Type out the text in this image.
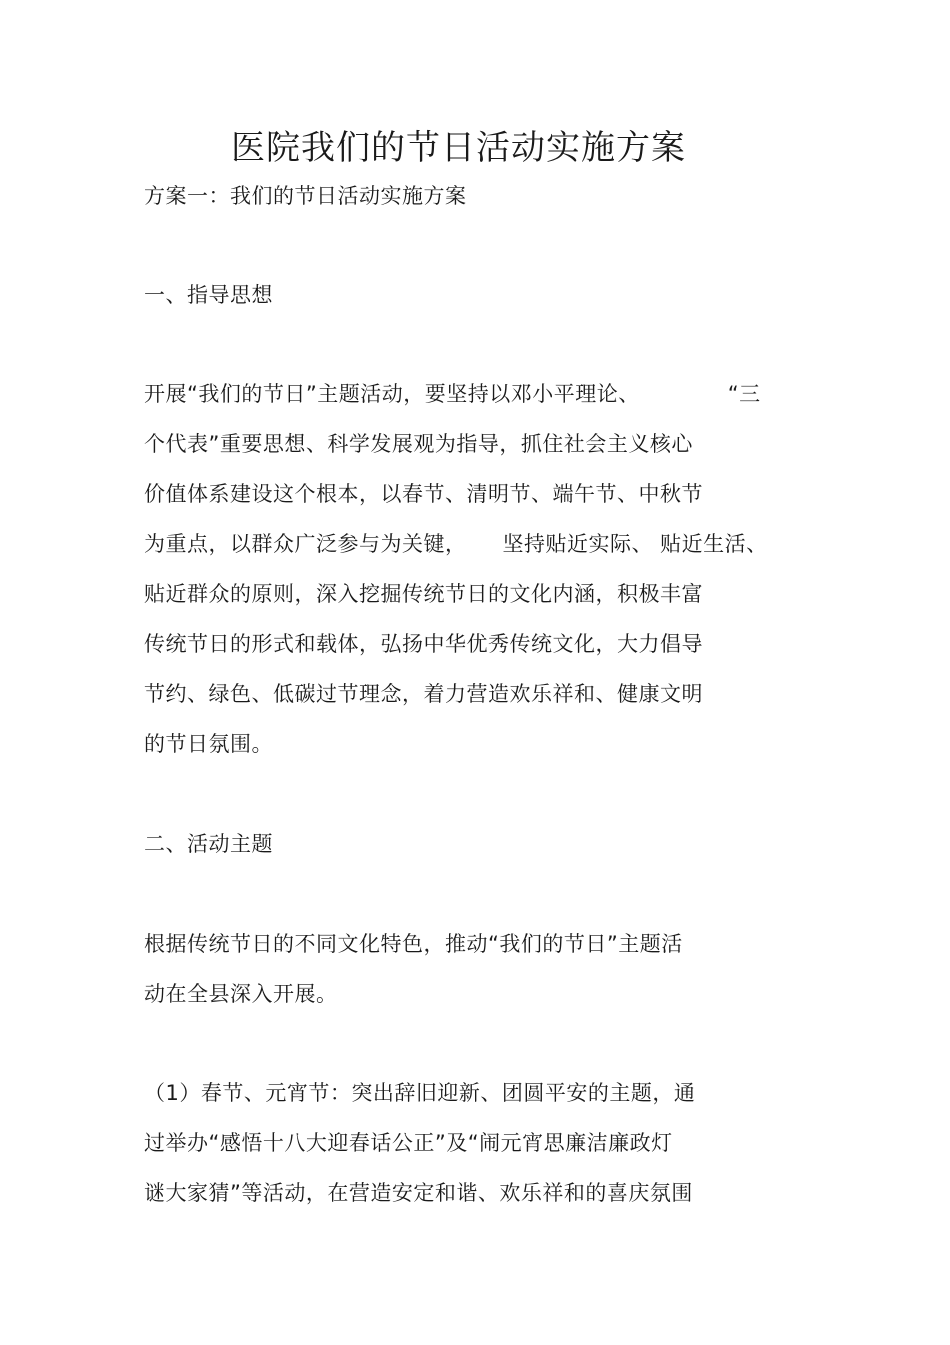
医院我们的节日活动实施方案
方案一：我们的节日活动实施方案
一、指导思想
开展“我们的节日”主题活动，要坚持以邓小平理论、	“三
个代表”重要思想、科学发展观为指导，抓住社会主义核心
价值体系建设这个根本，以春节、清明节、端午节、中秋节
为重点，以群众广泛参与为关键， 坚持贴近实际、 贴近生活、
贴近群众的原则，深入挖掘传统节日的文化内涵，积极丰富
传统节日的形式和载体，弘扬中华优秀传统文化，大力倡导
节约、绿色、低碳过节理念，着力营造欢乐祥和、健康文明
的节日氛围。
二、活动主题
根据传统节日的不同文化特色，推动“我们的节日”主题活
动在全县深入开展。
（1）春节、元宵节：突出辞旧迎新、团圆平安的主题，通
过举办“感悟十八大迎春话公正”及“闹元宵思廉洁廉政灯
谜大家猜”等活动，在营造安定和谐、欢乐祥和的喜庆氛围
